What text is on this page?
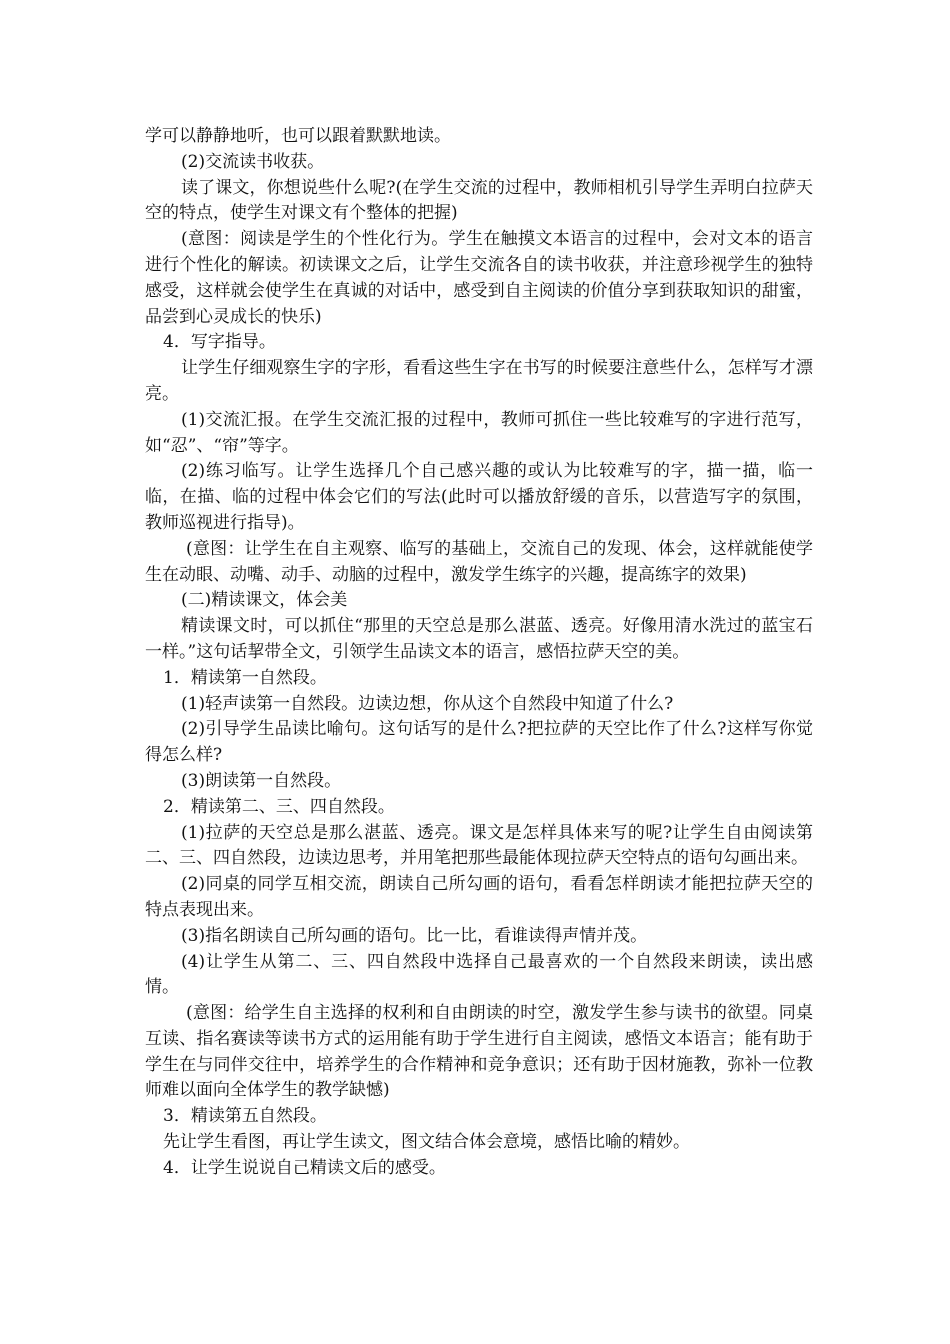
学可以静静地听，也可以跟着默默地读。

(2)交流读书收获。

读了课文，你想说些什么呢?(在学生交流的过程中，教师相机引导学生弄明白拉萨天空的特点，使学生对课文有个整体的把握)

(意图：阅读是学生的个性化行为。学生在触摸文本语言的过程中，会对文本的语言进行个性化的解读。初读课文之后，让学生交流各自的读书收获，并注意珍视学生的独特感受，这样就会使学生在真诚的对话中，感受到自主阅读的价值分享到获取知识的甜蜜，品尝到心灵成长的快乐)

4．写字指导。

让学生仔细观察生字的字形，看看这些生字在书写的时候要注意些什么，怎样写才漂亮。

(1)交流汇报。在学生交流汇报的过程中，教师可抓住一些比较难写的字进行范写，如“忍”、“帘”等字。

(2)练习临写。让学生选择几个自己感兴趣的或认为比较难写的字，描一描，临一临，在描、临的过程中体会它们的写法(此时可以播放舒缓的音乐，以营造写字的氛围，教师巡视进行指导)。

(意图：让学生在自主观察、临写的基础上，交流自己的发现、体会，这样就能使学生在动眼、动嘴、动手、动脑的过程中，激发学生练字的兴趣，提高练字的效果)

(二)精读课文，体会美

精读课文时，可以抓住“那里的天空总是那么湛蓝、透亮。好像用清水洗过的蓝宝石一样。”这句话挈带全文，引领学生品读文本的语言，感悟拉萨天空的美。

1．精读第一自然段。

(1)轻声读第一自然段。边读边想，你从这个自然段中知道了什么?

(2)引导学生品读比喻句。这句话写的是什么?把拉萨的天空比作了什么?这样写你觉得怎么样?

(3)朗读第一自然段。

2．精读第二、三、四自然段。

(1)拉萨的天空总是那么湛蓝、透亮。课文是怎样具体来写的呢?让学生自由阅读第二、三、四自然段，边读边思考，并用笔把那些最能体现拉萨天空特点的语句勾画出来。

(2)同桌的同学互相交流，朗读自己所勾画的语句，看看怎样朗读才能把拉萨天空的特点表现出来。

(3)指名朗读自己所勾画的语句。比一比，看谁读得声情并茂。

(4)让学生从第二、三、四自然段中选择自己最喜欢的一个自然段来朗读，读出感情。

(意图：给学生自主选择的权利和自由朗读的时空，激发学生参与读书的欲望。同桌互读、指名赛读等读书方式的运用能有助于学生进行自主阅读，感悟文本语言；能有助于学生在与同伴交往中，培养学生的合作精神和竞争意识；还有助于因材施教，弥补一位教师难以面向全体学生的教学缺憾)

3．精读第五自然段。

先让学生看图，再让学生读文，图文结合体会意境，感悟比喻的精妙。

4．让学生说说自己精读文后的感受。
